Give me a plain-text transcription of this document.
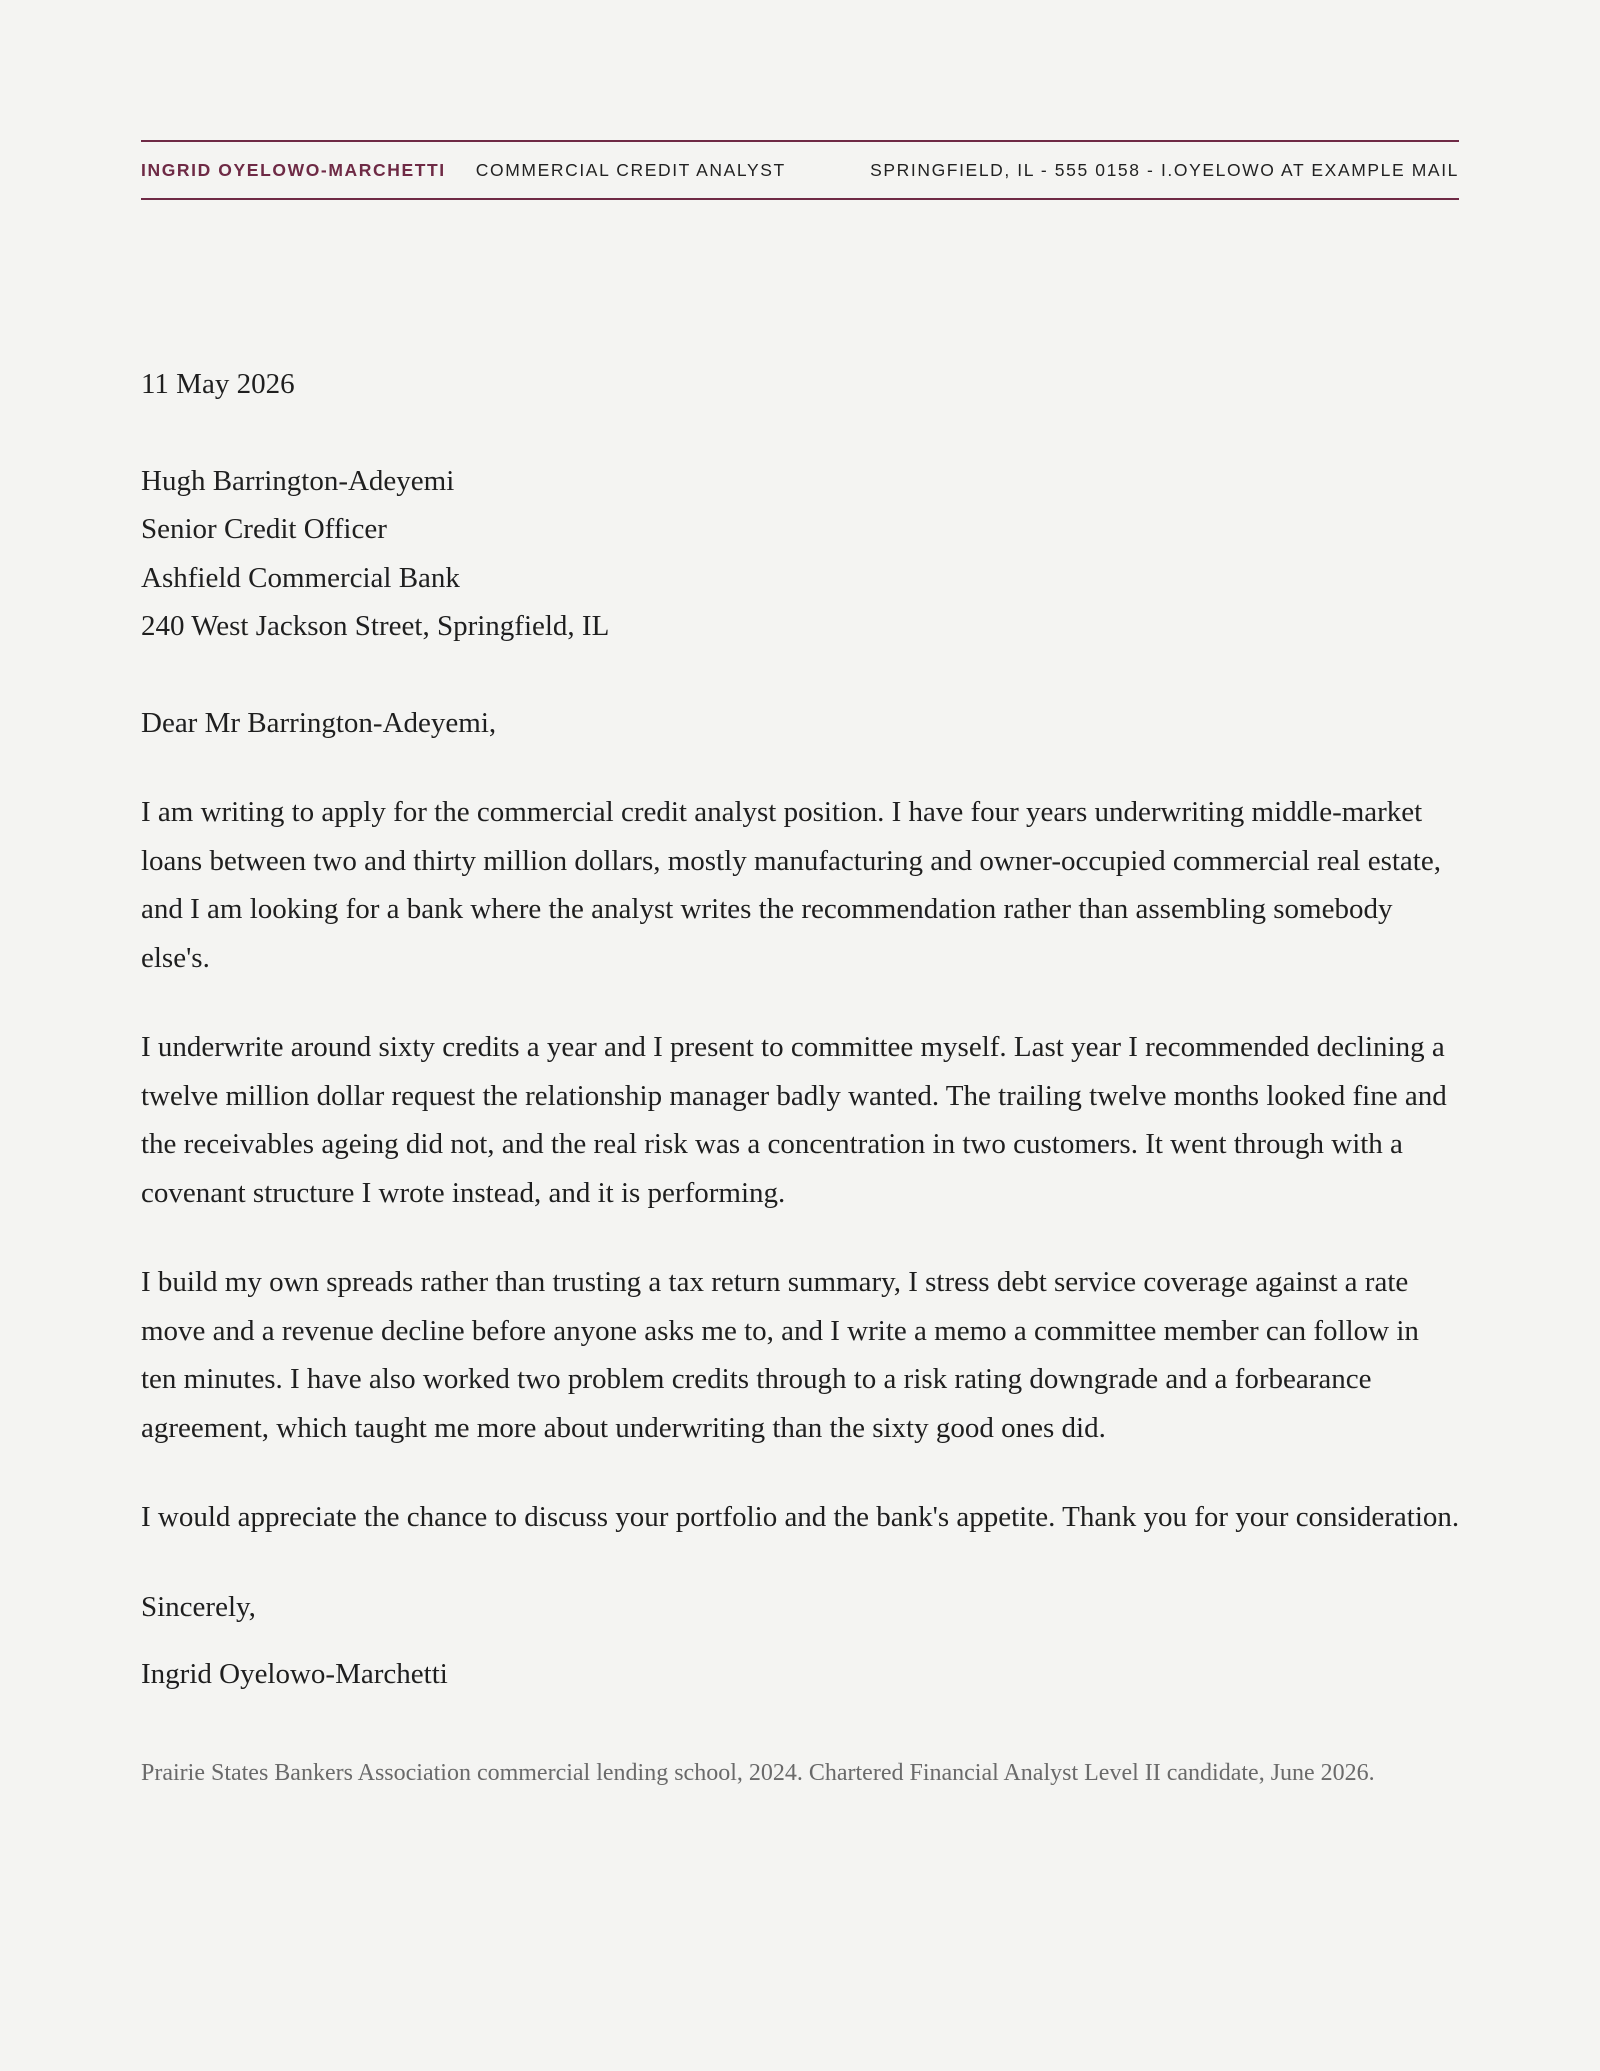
INGRID OYELOWO-MARCHETTI COMMERCIAL CREDIT ANALYST	SPRINGFIELD, IL - 555 0158 - I.OYELOWO AT EXAMPLE MAIL

11 May 2026

Hugh Barrington-Adeyemi
Senior Credit Officer
Ashfield Commercial Bank
240 West Jackson Street, Springfield, IL

Dear Mr Barrington-Adeyemi,

I am writing to apply for the commercial credit analyst position. I have four years underwriting middle-market loans between two and thirty million dollars, mostly manufacturing and owner-occupied commercial real estate, and I am looking for a bank where the analyst writes the recommendation rather than assembling somebody else's.

I underwrite around sixty credits a year and I present to committee myself. Last year I recommended declining a twelve million dollar request the relationship manager badly wanted. The trailing twelve months looked fine and the receivables ageing did not, and the real risk was a concentration in two customers. It went through with a covenant structure I wrote instead, and it is performing.

I build my own spreads rather than trusting a tax return summary, I stress debt service coverage against a rate move and a revenue decline before anyone asks me to, and I write a memo a committee member can follow in ten minutes. I have also worked two problem credits through to a risk rating downgrade and a forbearance agreement, which taught me more about underwriting than the sixty good ones did.

I would appreciate the chance to discuss your portfolio and the bank's appetite. Thank you for your consideration.

Sincerely,

Ingrid Oyelowo-Marchetti

Prairie States Bankers Association commercial lending school, 2024. Chartered Financial Analyst Level II candidate, June 2026.
